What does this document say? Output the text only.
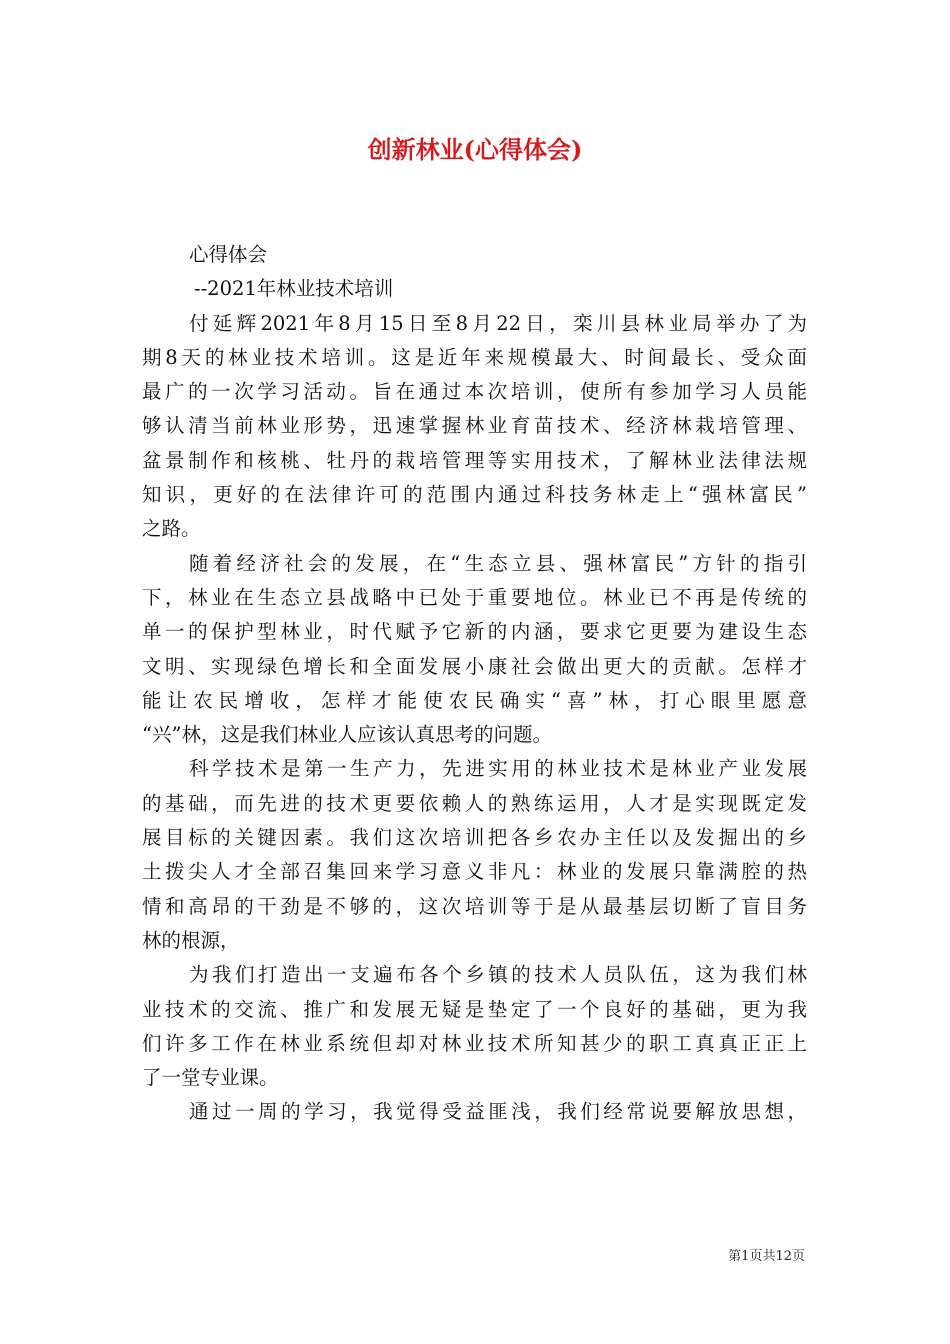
创新林业(心得体会)
心得体会
--2021年林业技术培训
付延辉2021年8月15日至8月22日，栾川县林业局举办了为
期8天的林业技术培训。这是近年来规模最大、时间最长、受众面
最广的一次学习活动。旨在通过本次培训，使所有参加学习人员能
够认清当前林业形势，迅速掌握林业育苗技术、经济林栽培管理、
盆景制作和核桃、牡丹的栽培管理等实用技术，了解林业法律法规
知识，更好的在法律许可的范围内通过科技务林走上“强林富民”
之路。
随着经济社会的发展，在“生态立县、强林富民”方针的指引
下，林业在生态立县战略中已处于重要地位。林业已不再是传统的
单一的保护型林业，时代赋予它新的内涵，要求它更要为建设生态
文明、实现绿色增长和全面发展小康社会做出更大的贡献。怎样才
能让农民增收，怎样才能使农民确实“喜”林，打心眼里愿意
“兴”林，这是我们林业人应该认真思考的问题。
科学技术是第一生产力，先进实用的林业技术是林业产业发展
的基础，而先进的技术更要依赖人的熟练运用，人才是实现既定发
展目标的关键因素。我们这次培训把各乡农办主任以及发掘出的乡
土拨尖人才全部召集回来学习意义非凡：林业的发展只靠满腔的热
情和高昂的干劲是不够的，这次培训等于是从最基层切断了盲目务
林的根源，
为我们打造出一支遍布各个乡镇的技术人员队伍，这为我们林
业技术的交流、推广和发展无疑是垫定了一个良好的基础，更为我
们许多工作在林业系统但却对林业技术所知甚少的职工真真正正上
了一堂专业课。
通过一周的学习，我觉得受益匪浅，我们经常说要解放思想，
第1页共12页
